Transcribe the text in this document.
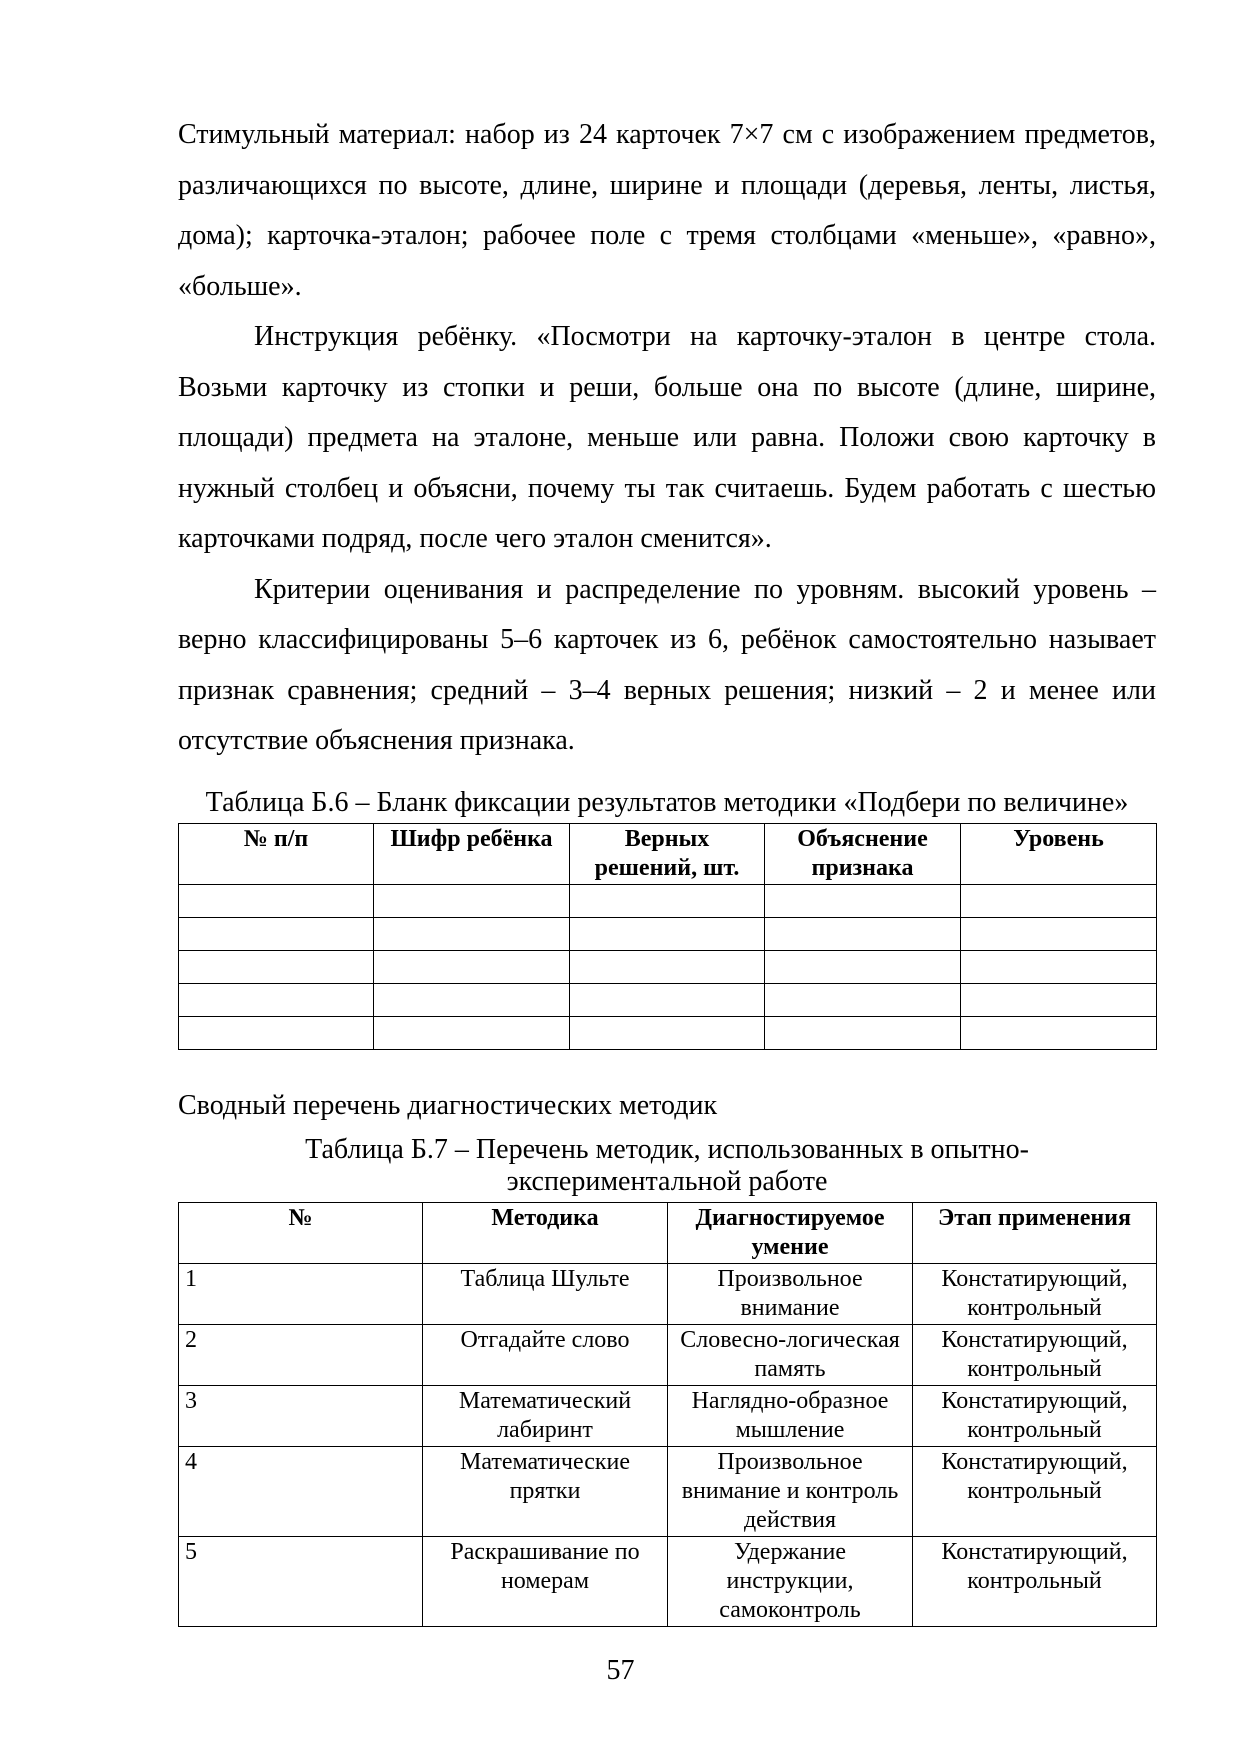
Стимульный материал: набор из 24 карточек 7×7 см с изображением предметов, различающихся по высоте, длине, ширине и площади (деревья, ленты, листья, дома); карточка-эталон; рабочее поле с тремя столбцами «меньше», «равно», «больше».

Инструкция ребёнку. «Посмотри на карточку-эталон в центре стола. Возьми карточку из стопки и реши, больше она по высоте (длине, ширине, площади) предмета на эталоне, меньше или равна. Положи свою карточку в нужный столбец и объясни, почему ты так считаешь. Будем работать с шестью карточками подряд, после чего эталон сменится».

Критерии оценивания и распределение по уровням. высокий уровень – верно классифицированы 5–6 карточек из 6, ребёнок самостоятельно называет признак сравнения; средний – 3–4 верных решения; низкий – 2 и менее или отсутствие объяснения признака.

Таблица Б.6 – Бланк фиксации результатов методики «Подбери по величине»
№ п/п	Шифр ребёнка	Верных решений, шт.	Объяснение признака	Уровень

Сводный перечень диагностических методик
Таблица Б.7 – Перечень методик, использованных в опытно-экспериментальной работе
№	Методика	Диагностируемое умение	Этап применения
1	Таблица Шульте	Произвольное внимание	Констатирующий, контрольный
2	Отгадайте слово	Словесно-логическая память	Констатирующий, контрольный
3	Математический лабиринт	Наглядно-образное мышление	Констатирующий, контрольный
4	Математические прятки	Произвольное внимание и контроль действия	Констатирующий, контрольный
5	Раскрашивание по номерам	Удержание инструкции, самоконтроль	Констатирующий, контрольный
57
